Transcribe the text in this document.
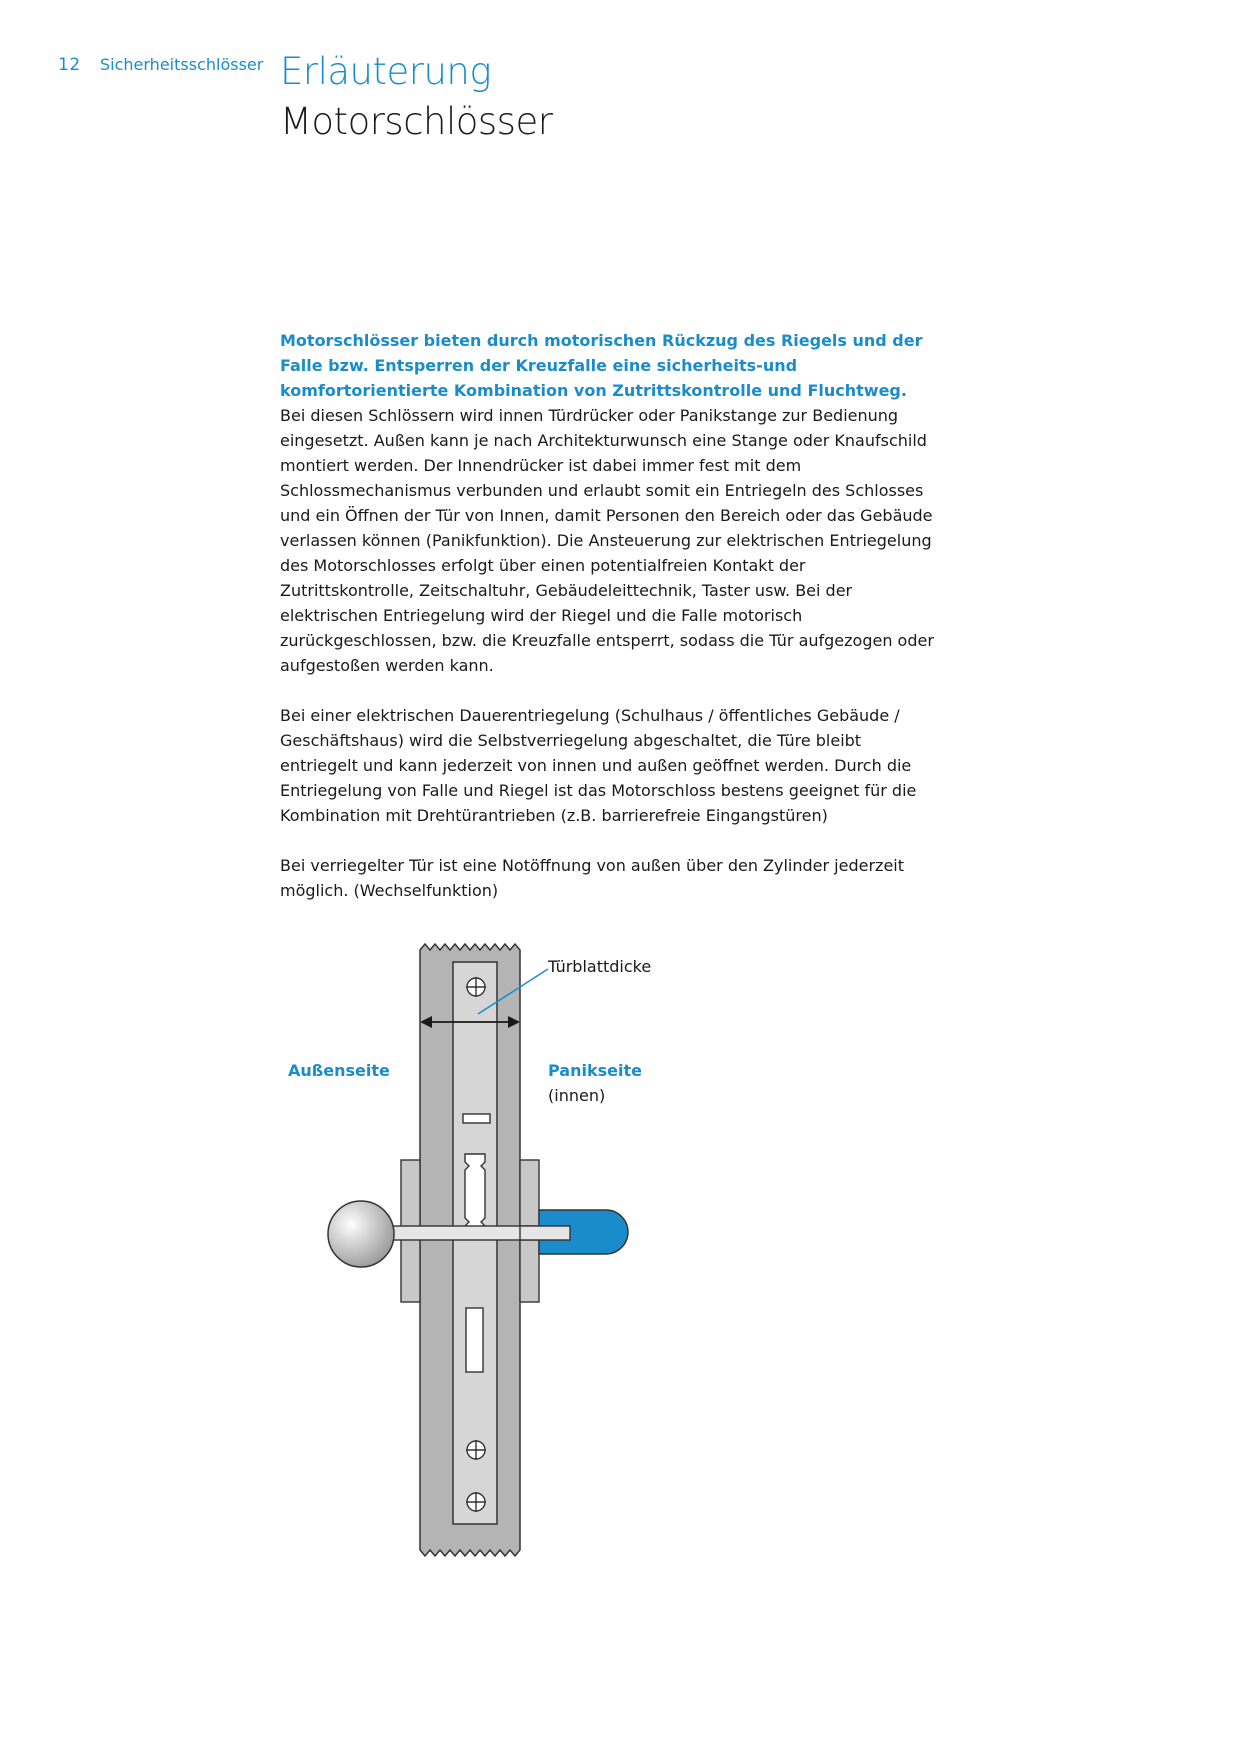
12 Sicherheitsschlösser Erläuterung
Motorschlösser

Motorschlösser bieten durch motorischen Rückzug des Riegels und der Falle bzw. Entsperren der Kreuzfalle eine sicherheits-und komfortorientierte Kombination von Zutrittskontrolle und Fluchtweg.

Bei diesen Schlössern wird innen Türdrücker oder Panikstange zur Bedienung eingesetzt. Außen kann je nach Architekturwunsch eine Stange oder Knaufschild montiert werden. Der Innendrücker ist dabei immer fest mit dem Schlossmechanismus verbunden und erlaubt somit ein Entriegeln des Schlosses und ein Öffnen der Tür von Innen, damit Personen den Bereich oder das Gebäude verlassen können (Panikfunktion). Die Ansteuerung zur elektrischen Entriegelung des Motorschlosses erfolgt über einen potentialfreien Kontakt der Zutrittskontrolle, Zeitschaltuhr, Gebäudeleittechnik, Taster usw. Bei der elektrischen Entriegelung wird der Riegel und die Falle motorisch zurückgeschlossen, bzw. die Kreuzfalle entsperrt, sodass die Tür aufgezogen oder aufgestoßen werden kann.

Bei einer elektrischen Dauerentriegelung (Schulhaus / öffentliches Gebäude / Geschäftshaus) wird die Selbstverriegelung abgeschaltet, die Türe bleibt entriegelt und kann jederzeit von innen und außen geöffnet werden. Durch die Entriegelung von Falle und Riegel ist das Motorschloss bestens geeignet für die Kombination mit Drehtürantrieben (z.B. barrierefreie Eingangstüren)

Bei verriegelter Tür ist eine Notöffnung von außen über den Zylinder jederzeit möglich. (Wechselfunktion)

Türblattdicke
Außenseite	Panikseite
(innen)
